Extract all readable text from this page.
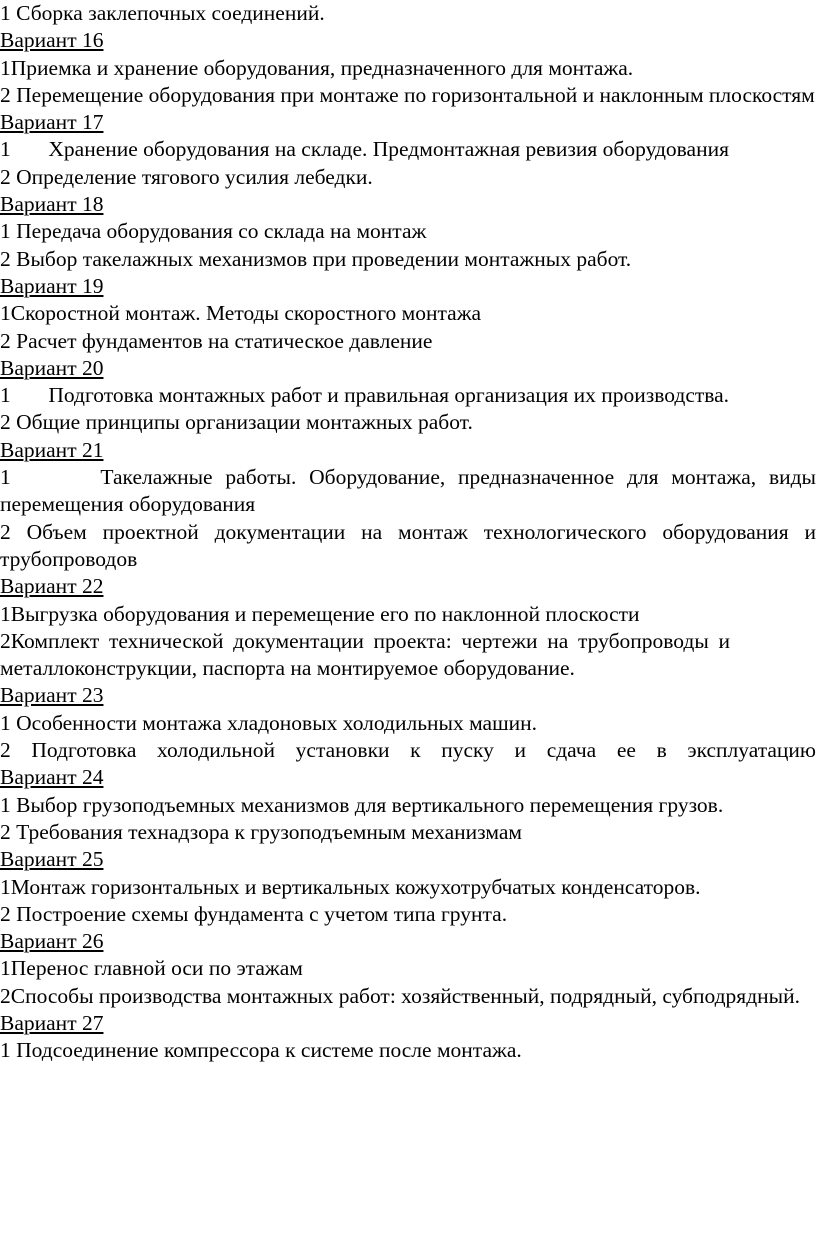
1 Сборка заклепочных соединений.

Вариант 16

1Приемка и хранение оборудования, предназначенного для монтажа.

2 Перемещение оборудования при монтаже по горизонтальной и наклонным плоскостям

Вариант 17

1       Хранение оборудования на складе. Предмонтажная ревизия оборудования

2 Определение тягового усилия лебедки.

Вариант 18

1 Передача оборудования со склада на монтаж

2 Выбор такелажных механизмов при проведении монтажных работ.

Вариант 19

1Скоростной монтаж. Методы скоростного монтажа

2 Расчет фундаментов на статическое давление

Вариант 20

1       Подготовка монтажных работ и правильная организация их производства.

2 Общие принципы организации монтажных работ.

Вариант 21

1       Такелажные работы. Оборудование, предназначенное для монтажа, виды перемещения оборудования

2 Объем проектной документации на монтаж технологического оборудования и трубопроводов

Вариант 22

1Выгрузка оборудования и перемещение его по наклонной плоскости

2Комплект технической документации проекта: чертежи на трубопроводы и металлоконструкции, паспорта на монтируемое оборудование.

Вариант 23

1 Особенности монтажа хладоновых холодильных машин.

2 Подготовка холодильной установки к пуску и сдача ее в эксплуатацию

Вариант 24

1 Выбор грузоподъемных механизмов для вертикального перемещения грузов.

2 Требования технадзора к грузоподъемным механизмам

Вариант 25

1Монтаж горизонтальных и вертикальных кожухотрубчатых конденсаторов.

2 Построение схемы фундамента с учетом типа грунта.

Вариант 26

1Перенос главной оси по этажам

2Способы производства монтажных работ: хозяйственный, подрядный, субподрядный.

Вариант 27

1 Подсоединение компрессора к системе после монтажа.
